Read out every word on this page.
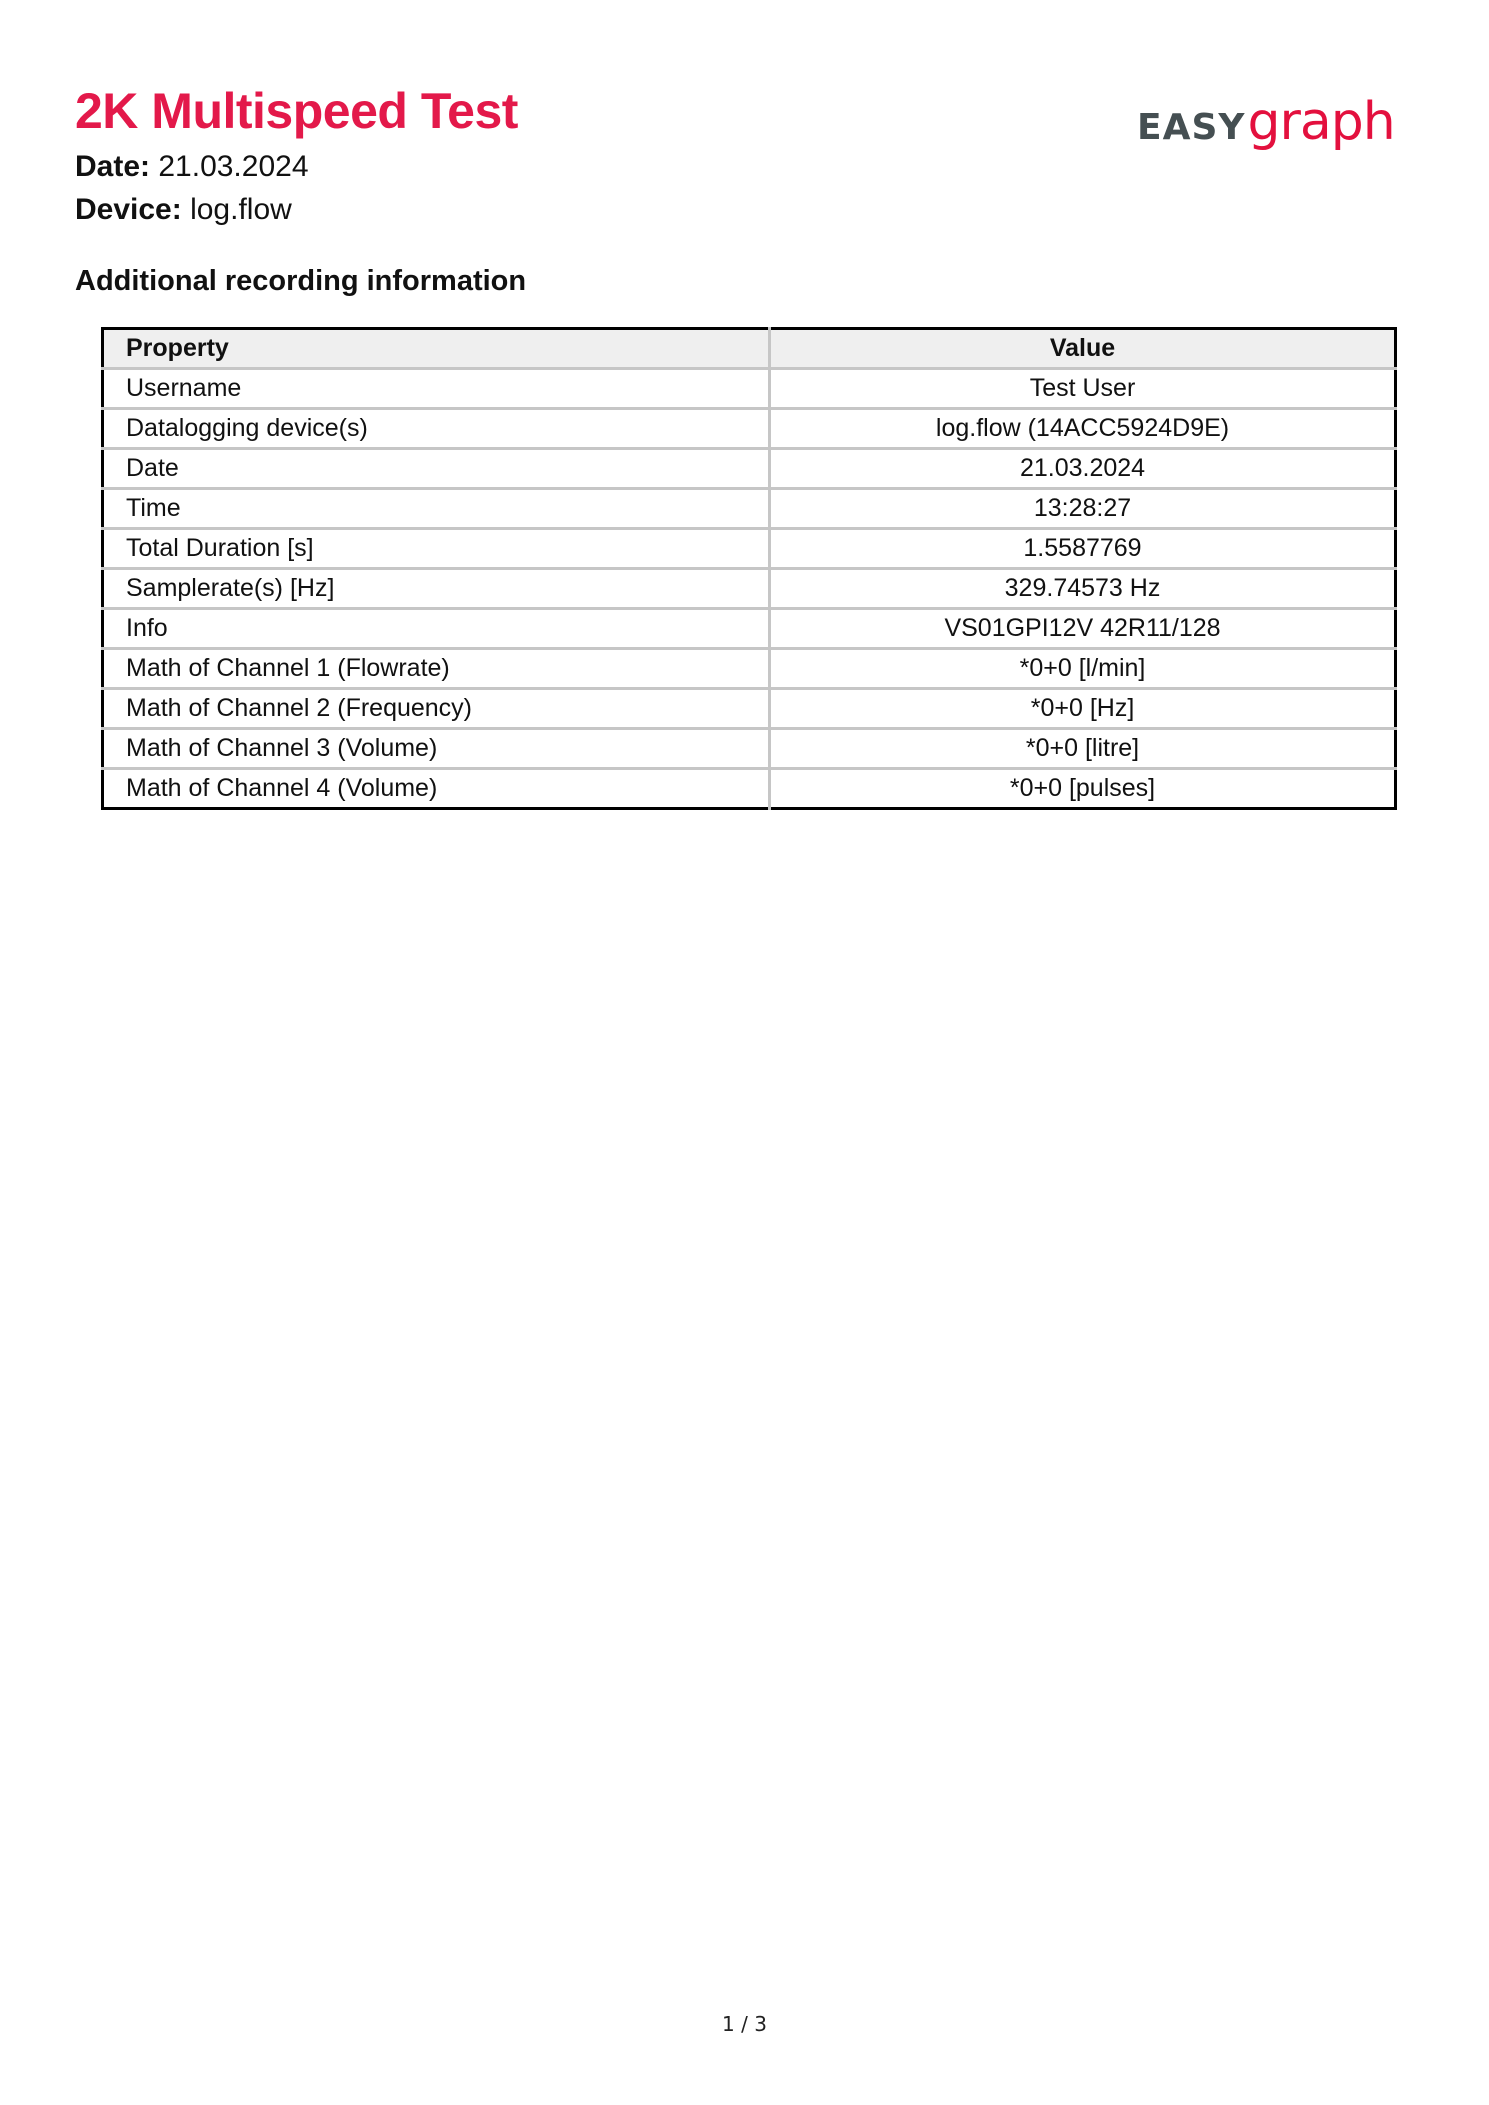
2K Multispeed Test
Date: 21.03.2024
Device: log.flow
EASY graph
Additional recording information
Property	Value
Username	Test User
Datalogging device(s)	log.flow (14ACC5924D9E)
Date	21.03.2024
Time	13:28:27
Total Duration [s]	1.5587769
Samplerate(s) [Hz]	329.74573 Hz
Info	VS01GPI12V 42R11/128
Math of Channel 1 (Flowrate)	*0+0 [l/min]
Math of Channel 2 (Frequency)	*0+0 [Hz]
Math of Channel 3 (Volume)	*0+0 [litre]
Math of Channel 4 (Volume)	*0+0 [pulses]
1 / 3
